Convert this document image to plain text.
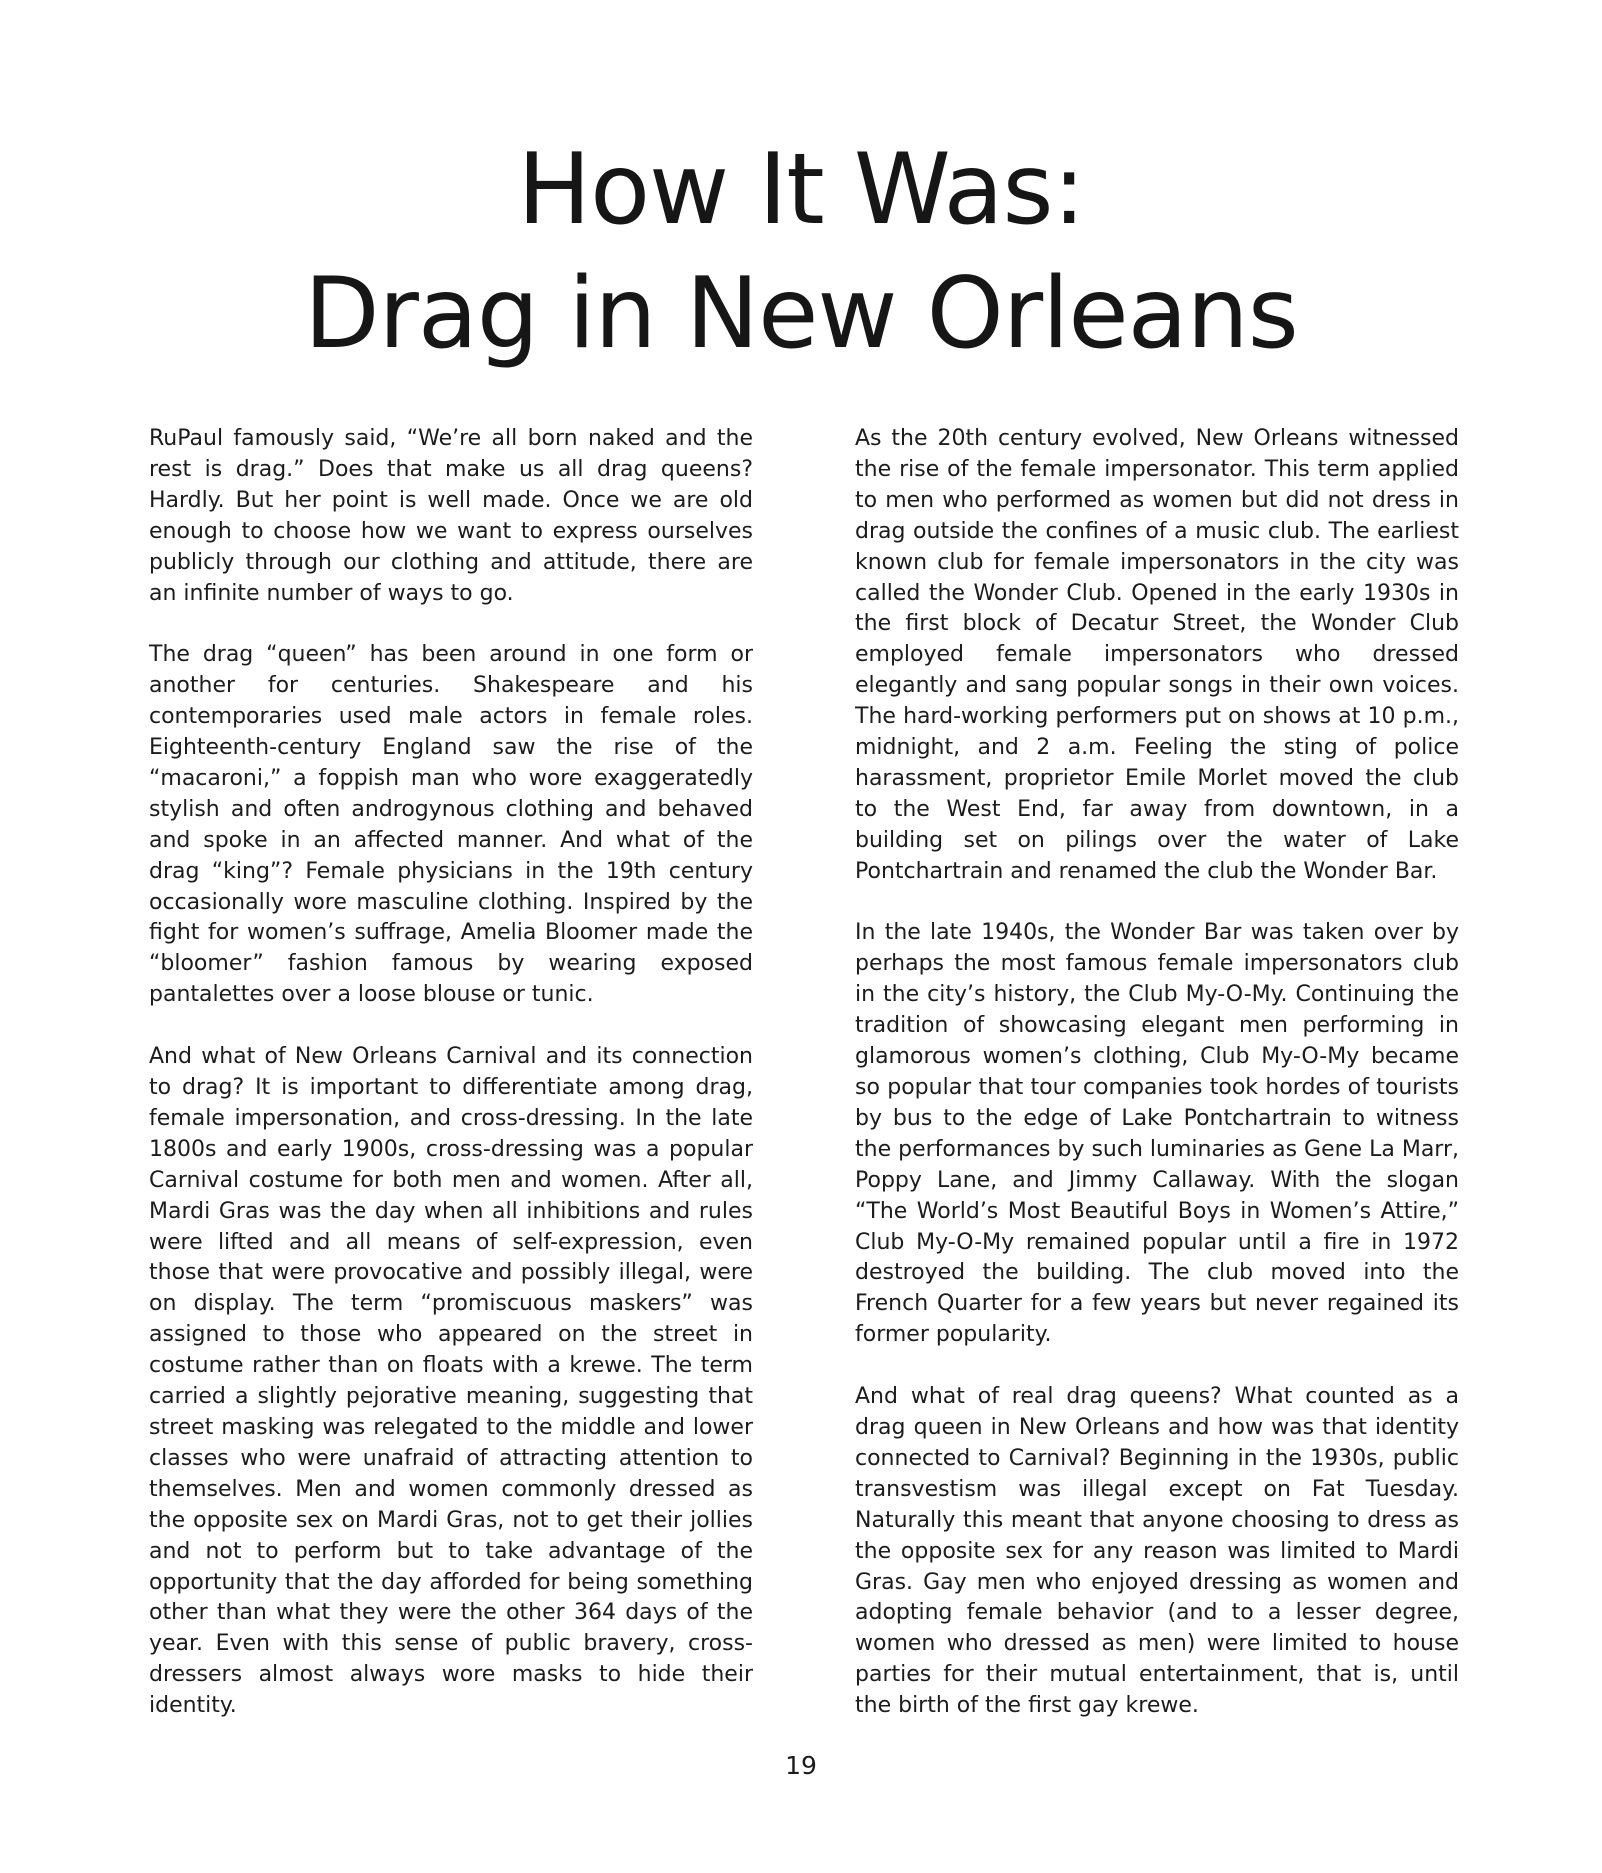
How It Was:
Drag in New Orleans

RuPaul famously said, “We’re all born naked and the rest is drag.” Does that make us all drag queens? Hardly. But her point is well made. Once we are old enough to choose how we want to express ourselves publicly through our clothing and attitude, there are an infinite number of ways to go.

The drag “queen” has been around in one form or another for centuries. Shakespeare and his contemporaries used male actors in female roles. Eighteenth-century England saw the rise of the “macaroni,” a foppish man who wore exaggeratedly stylish and often androgynous clothing and behaved and spoke in an affected manner. And what of the drag “king”? Female physicians in the 19th century occasionally wore masculine clothing. Inspired by the fight for women’s suffrage, Amelia Bloomer made the “bloomer” fashion famous by wearing exposed pantalettes over a loose blouse or tunic.

And what of New Orleans Carnival and its connection to drag? It is important to differentiate among drag, female impersonation, and cross-dressing. In the late 1800s and early 1900s, cross-dressing was a popular Carnival costume for both men and women. After all, Mardi Gras was the day when all inhibitions and rules were lifted and all means of self-expression, even those that were provocative and possibly illegal, were on display. The term “promiscuous maskers” was assigned to those who appeared on the street in costume rather than on floats with a krewe. The term carried a slightly pejorative meaning, suggesting that street masking was relegated to the middle and lower classes who were unafraid of attracting attention to themselves. Men and women commonly dressed as the opposite sex on Mardi Gras, not to get their jollies and not to perform but to take advantage of the opportunity that the day afforded for being something other than what they were the other 364 days of the year. Even with this sense of public bravery, cross-dressers almost always wore masks to hide their identity.

As the 20th century evolved, New Orleans witnessed the rise of the female impersonator. This term applied to men who performed as women but did not dress in drag outside the confines of a music club. The earliest known club for female impersonators in the city was called the Wonder Club. Opened in the early 1930s in the first block of Decatur Street, the Wonder Club employed female impersonators who dressed elegantly and sang popular songs in their own voices. The hard-working performers put on shows at 10 p.m., midnight, and 2 a.m. Feeling the sting of police harassment, proprietor Emile Morlet moved the club to the West End, far away from downtown, in a building set on pilings over the water of Lake Pontchartrain and renamed the club the Wonder Bar.

In the late 1940s, the Wonder Bar was taken over by perhaps the most famous female impersonators club in the city’s history, the Club My-O-My. Continuing the tradition of showcasing elegant men performing in glamorous women’s clothing, Club My-O-My became so popular that tour companies took hordes of tourists by bus to the edge of Lake Pontchartrain to witness the performances by such luminaries as Gene La Marr, Poppy Lane, and Jimmy Callaway. With the slogan “The World’s Most Beautiful Boys in Women’s Attire,” Club My-O-My remained popular until a fire in 1972 destroyed the building. The club moved into the French Quarter for a few years but never regained its former popularity.

And what of real drag queens? What counted as a drag queen in New Orleans and how was that identity connected to Carnival? Beginning in the 1930s, public transvestism was illegal except on Fat Tuesday. Naturally this meant that anyone choosing to dress as the opposite sex for any reason was limited to Mardi Gras. Gay men who enjoyed dressing as women and adopting female behavior (and to a lesser degree, women who dressed as men) were limited to house parties for their mutual entertainment, that is, until the birth of the first gay krewe.

19
